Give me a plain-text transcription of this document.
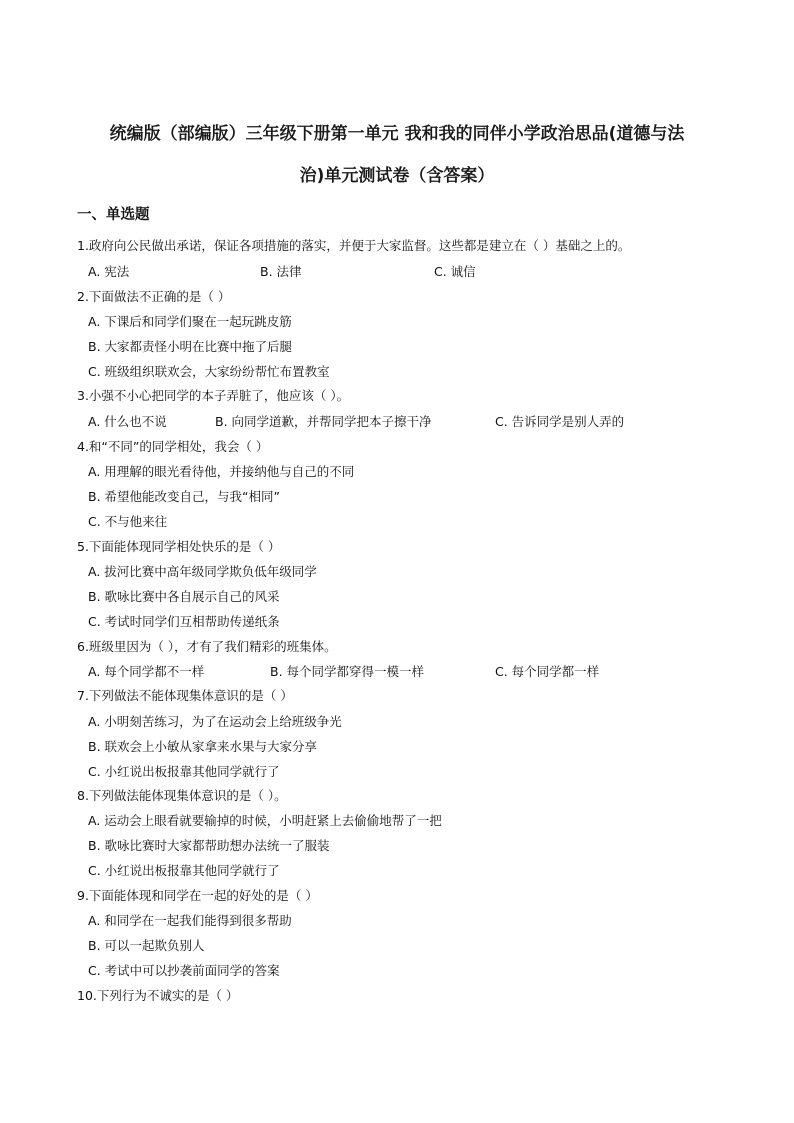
统编版（部编版）三年级下册第一单元 我和我的同伴小学政治思品(道德与法
治)单元测试卷（含答案）
一、单选题
1.政府向公民做出承诺，保证各项措施的落实，并便于大家监督。这些都是建立在（ ）基础之上的。
A. 宪法	B. 法律	C. 诚信
2.下面做法不正确的是（ ）
A. 下课后和同学们聚在一起玩跳皮筋
B. 大家都责怪小明在比赛中拖了后腿
C. 班级组织联欢会，大家纷纷帮忙布置教室
3.小强不小心把同学的本子弄脏了，他应该（ ）。
A. 什么也不说	B. 向同学道歉，并帮同学把本子擦干净	C. 告诉同学是别人弄的
4.和“不同”的同学相处，我会（ ）
A. 用理解的眼光看待他，并接纳他与自己的不同
B. 希望他能改变自己，与我“相同”
C. 不与他来往
5.下面能体现同学相处快乐的是（ ）
A. 拔河比赛中高年级同学欺负低年级同学
B. 歌咏比赛中各自展示自己的风采
C. 考试时同学们互相帮助传递纸条
6.班级里因为（ ），才有了我们精彩的班集体。
A. 每个同学都不一样	B. 每个同学都穿得一模一样	C. 每个同学都一样
7.下列做法不能体现集体意识的是（ ）
A. 小明刻苦练习，为了在运动会上给班级争光
B. 联欢会上小敏从家拿来水果与大家分享
C. 小红说出板报靠其他同学就行了
8.下列做法能体现集体意识的是（ ）。
A. 运动会上眼看就要输掉的时候，小明赶紧上去偷偷地帮了一把
B. 歌咏比赛时大家都帮助想办法统一了服装
C. 小红说出板报靠其他同学就行了
9.下面能体现和同学在一起的好处的是（ ）
A. 和同学在一起我们能得到很多帮助
B. 可以一起欺负别人
C. 考试中可以抄袭前面同学的答案
10.下列行为不诚实的是（ ）
